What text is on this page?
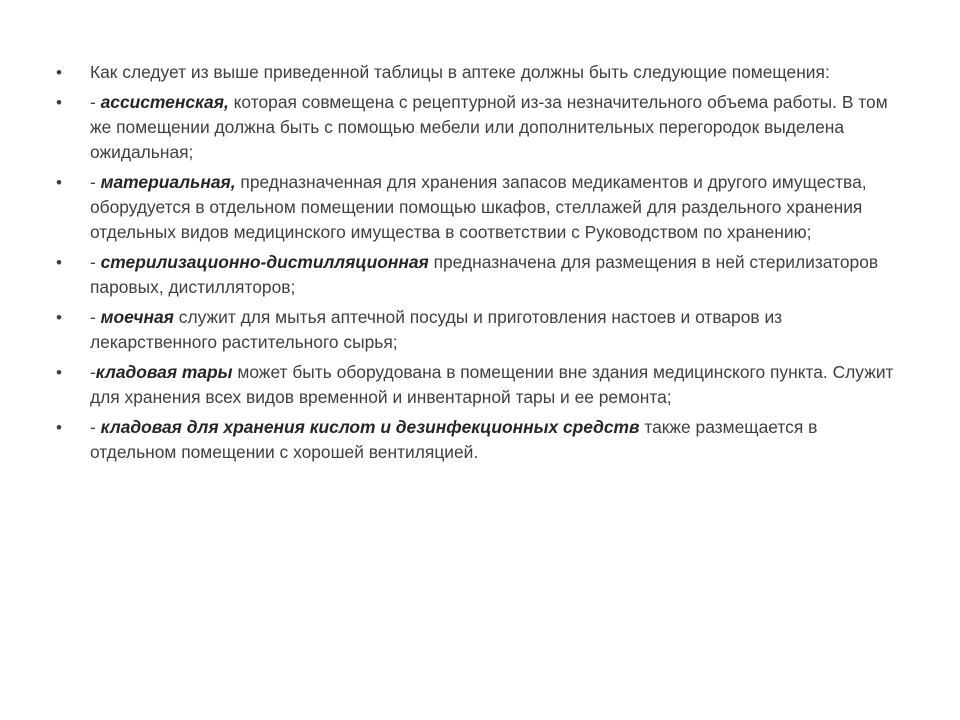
• Как следует из выше приведенной таблицы в аптеке должны быть следующие помещения:
• - ассистенская, которая совмещена с рецептурной из-за незначительного объема работы. В том же помещении должна быть с помощью мебели или дополнительных перегородок выделена ожидальная;
• - материальная, предназначенная для хранения запасов медикаментов и другого имущества, оборудуется в отдельном помещении помощью шкафов, стеллажей для раздельного хранения отдельных видов медицинского имущества в соответствии с Руководством по хранению;
• - стерилизационно-дистилляционная предназначена для размещения в ней стерилизаторов паровых, дистилляторов;
• - моечная служит для мытья аптечной посуды и приготовления настоев и отваров из лекарственного растительного сырья;
• -кладовая тары может быть оборудована в помещении вне здания медицинского пункта. Служит для хранения всех видов временной и инвентарной тары и ее ремонта;
• - кладовая для хранения кислот и дезинфекционных средств также размещается в отдельном помещении с хорошей вентиляцией.
